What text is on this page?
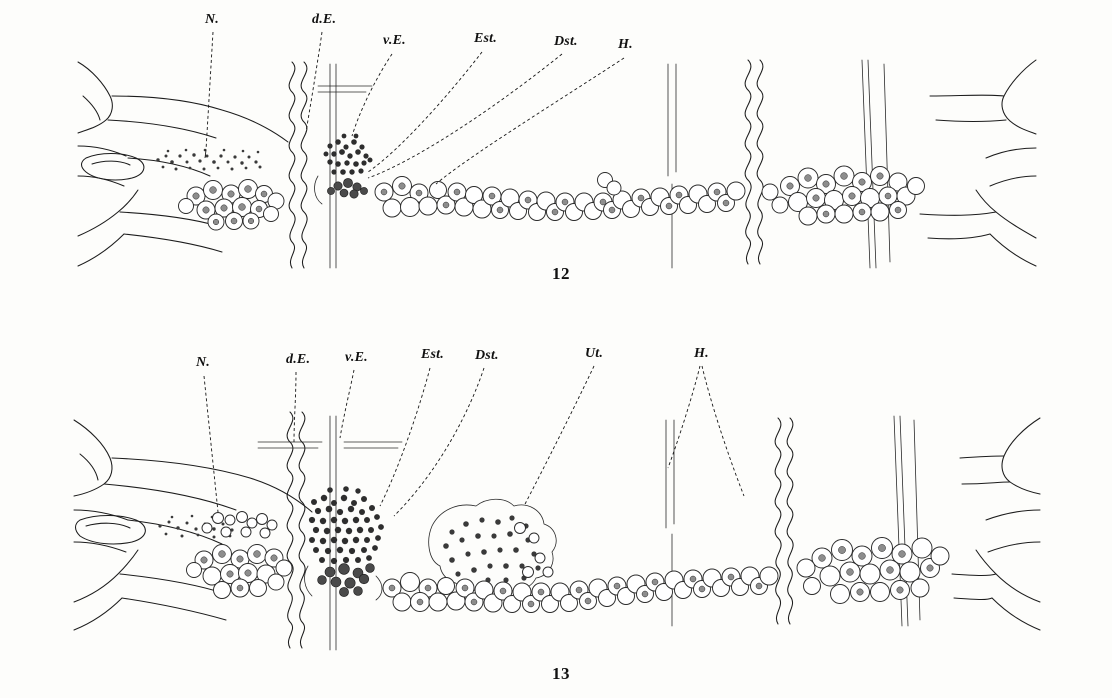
N.	d.E.
v.E.	Est.	Dst.	H.
12
N.	d.E. v.E.	Est. Dst.	Ut.	H.
13
